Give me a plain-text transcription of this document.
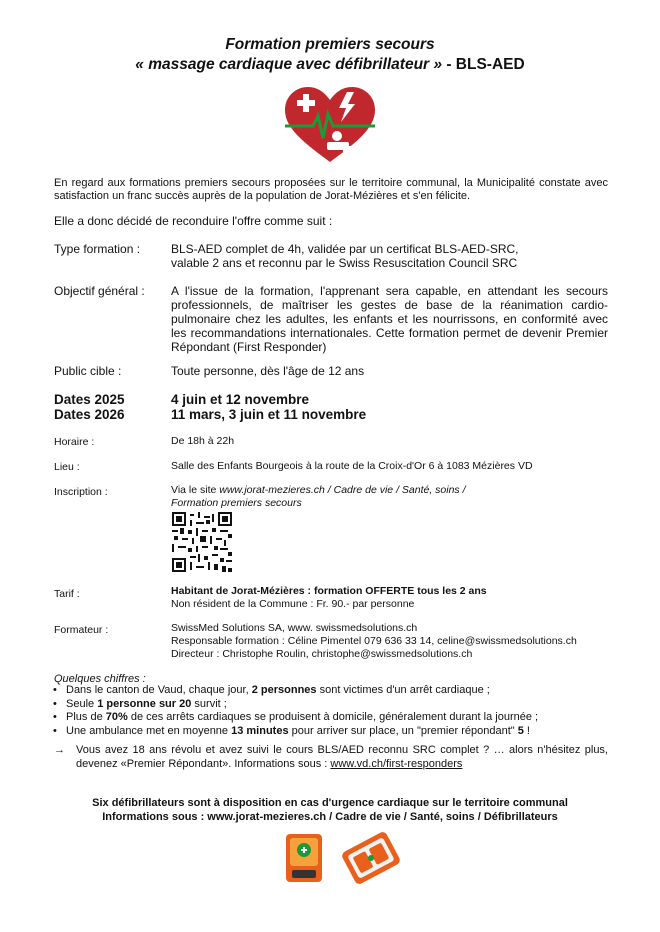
Formation premiers secours
« massage cardiaque avec défibrillateur » - BLS-AED
En regard aux formations premiers secours proposées sur le territoire communal, la Municipalité constate avec satisfaction un franc succès auprès de la population de Jorat-Mézières et s'en félicite.
Elle a donc décidé de reconduire l'offre comme suit :
Type formation :	BLS-AED complet de 4h, validée par un certificat BLS-AED-SRC,
valable 2 ans et reconnu par le Swiss Resuscitation Council SRC
Objectif général : A l'issue de la formation, l'apprenant sera capable, en attendant les secours professionnels, de maîtriser les gestes de base de la réanimation cardio-pulmonaire chez les adultes, les enfants et les nourrissons, en conformité avec les recommandations internationales. Cette formation permet de devenir Premier Répondant (First Responder)
Public cible :	Toute personne, dès l'âge de 12 ans
Dates 2025	4 juin et 12 novembre
Dates 2026	11 mars, 3 juin et 11 novembre
Horaire :	De 18h à 22h
Lieu :	Salle des Enfants Bourgeois à la route de la Croix-d'Or 6 à 1083 Mézières VD
Inscription :	Via le site www.jorat-mezieres.ch / Cadre de vie / Santé, soins / Formation premiers secours
Tarif :	Habitant de Jorat-Mézières : formation OFFERTE tous les 2 ans
Non résident de la Commune : Fr. 90.- par personne
Formateur :	SwissMed Solutions SA, www. swissmedsolutions.ch
Responsable formation : Céline Pimentel 079 636 33 14, celine@swissmedsolutions.ch
Directeur : Christophe Roulin, christophe@swissmedsolutions.ch
Quelques chiffres :
• Dans le canton de Vaud, chaque jour, 2 personnes sont victimes d'un arrêt cardiaque ;
• Seule 1 personne sur 20 survit ;
• Plus de 70% de ces arrêts cardiaques se produisent à domicile, généralement durant la journée ;
• Une ambulance met en moyenne 13 minutes pour arriver sur place, un "premier répondant" 5 !
→ Vous avez 18 ans révolu et avez suivi le cours BLS/AED reconnu SRC complet ? … alors n'hésitez plus, devenez «Premier Répondant». Informations sous : www.vd.ch/first-responders
Six défibrillateurs sont à disposition en cas d'urgence cardiaque sur le territoire communal
Informations sous : www.jorat-mezieres.ch / Cadre de vie / Santé, soins / Défibrillateurs
